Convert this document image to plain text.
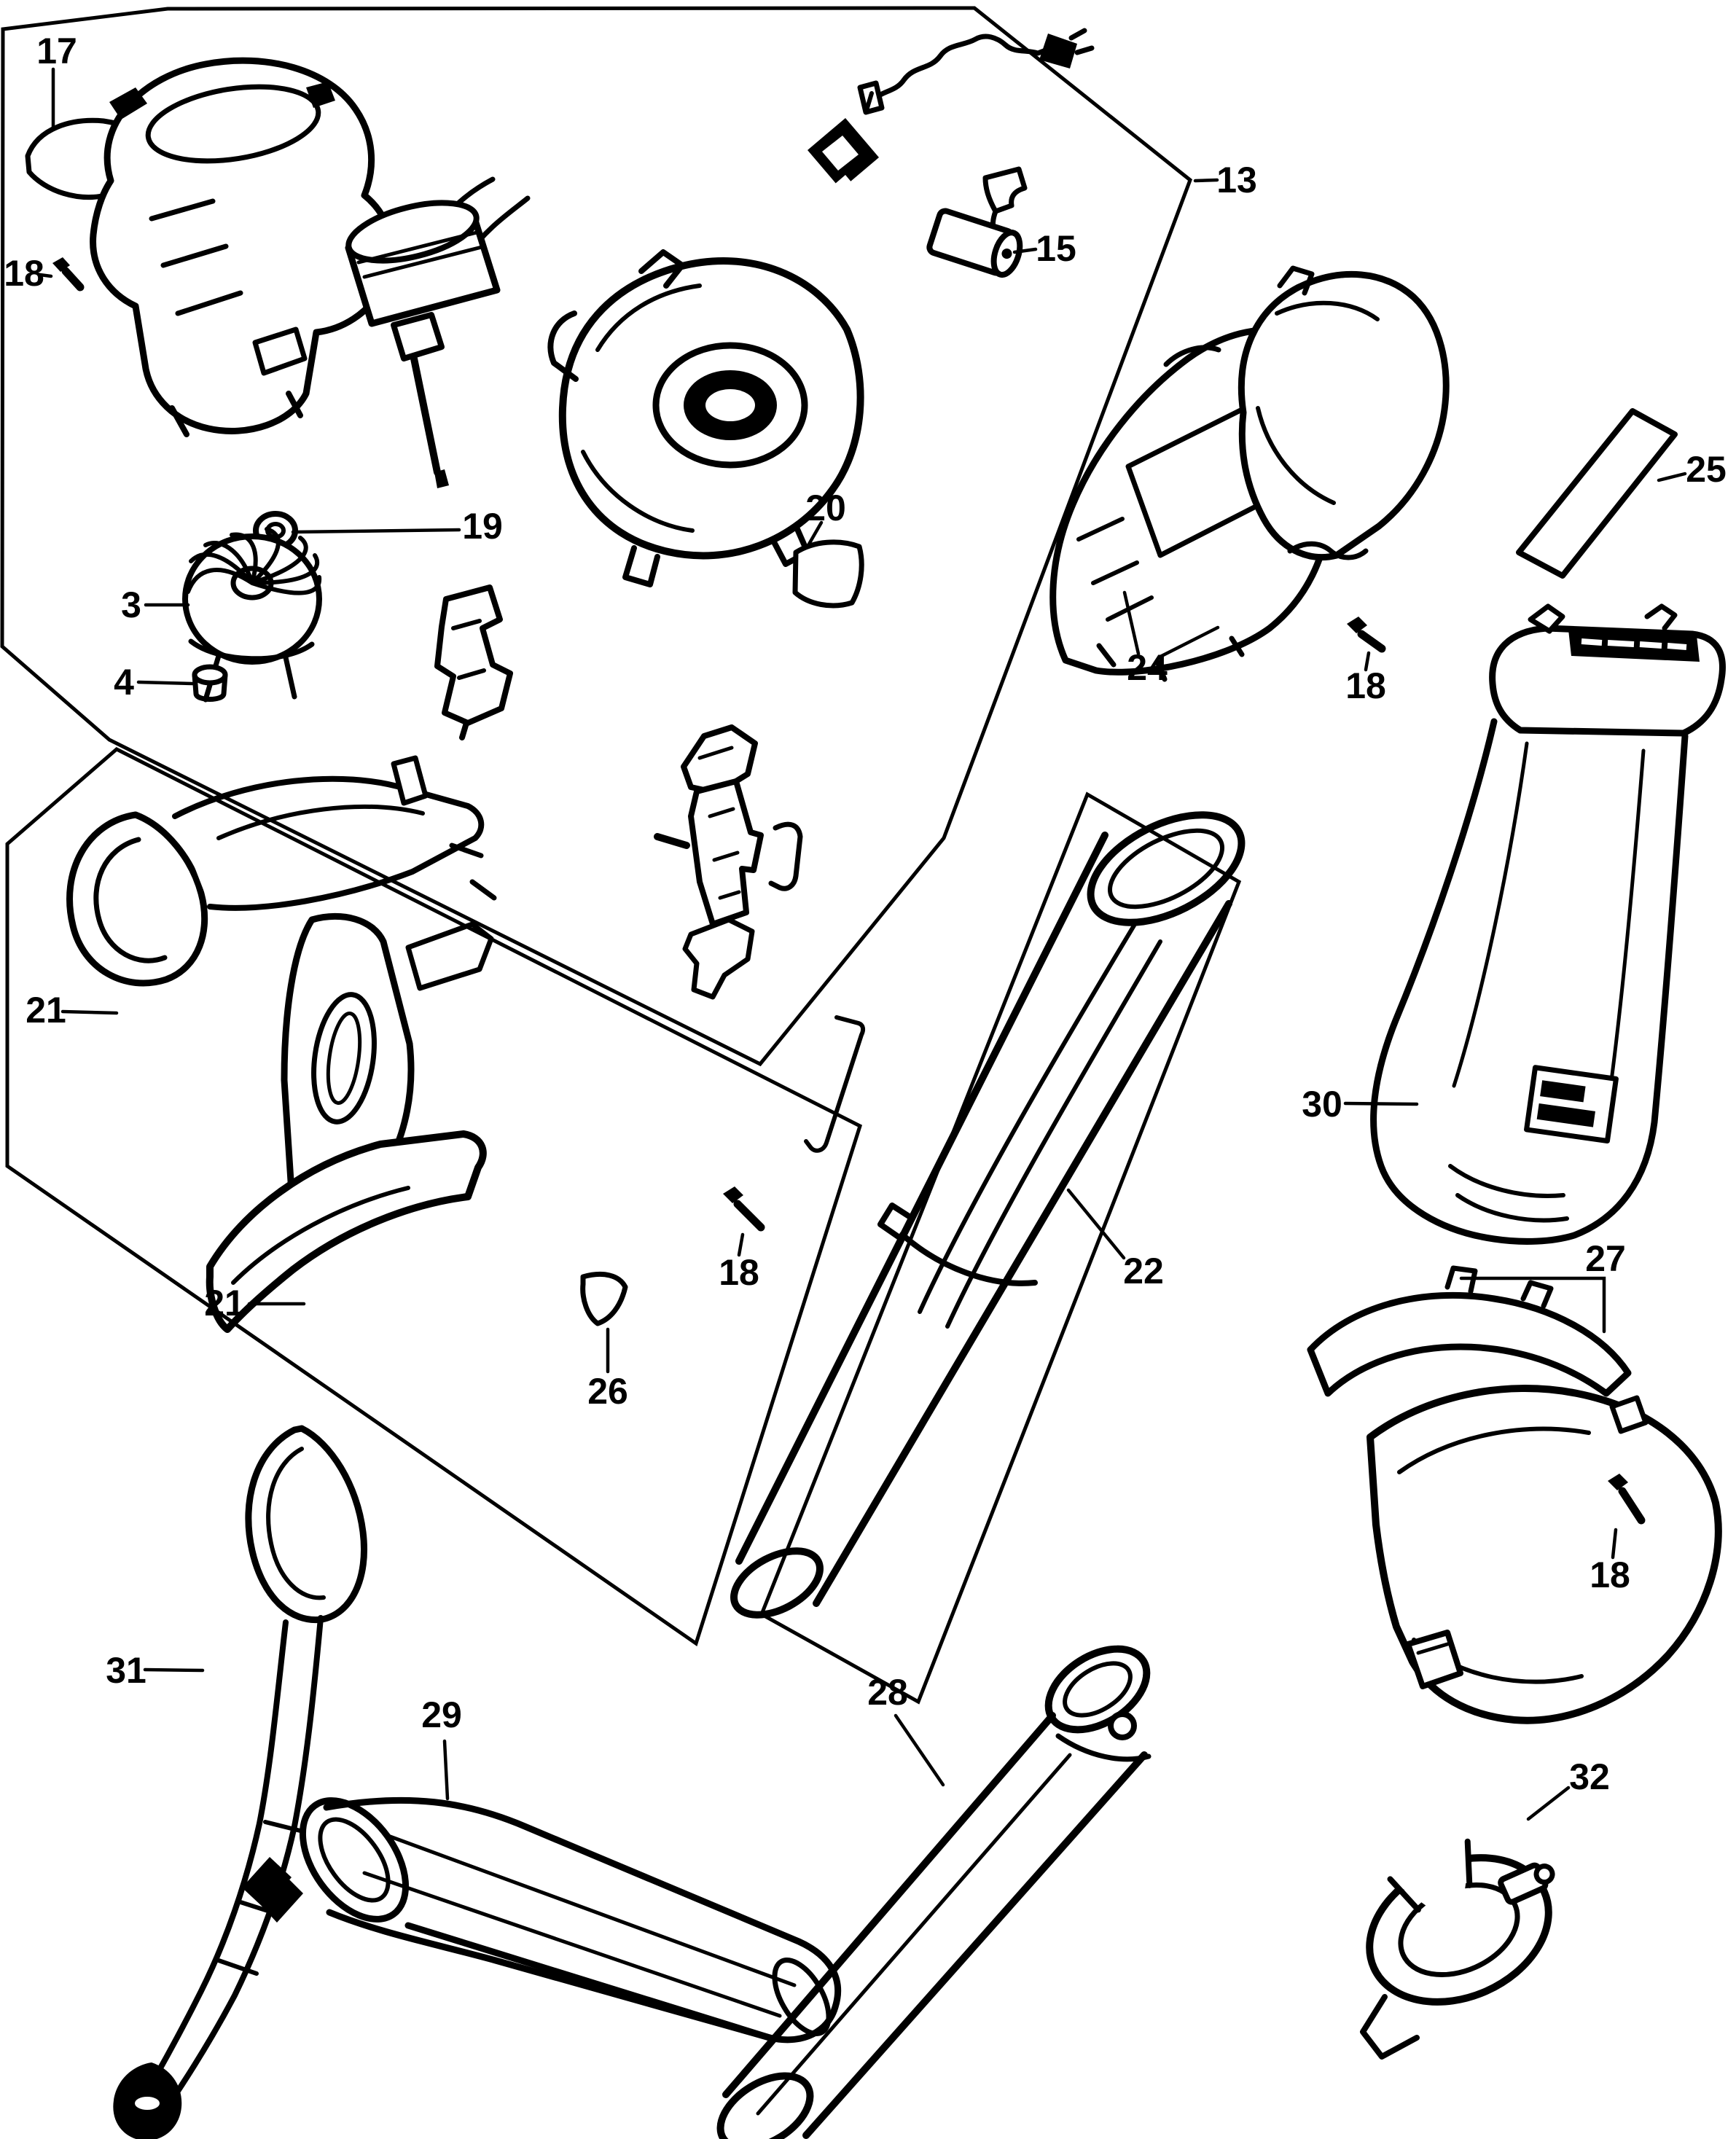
17
18
19
3
4
13
15
20
24	18
25
30
22	27
21
21
18
26
28
29
31
18
32
